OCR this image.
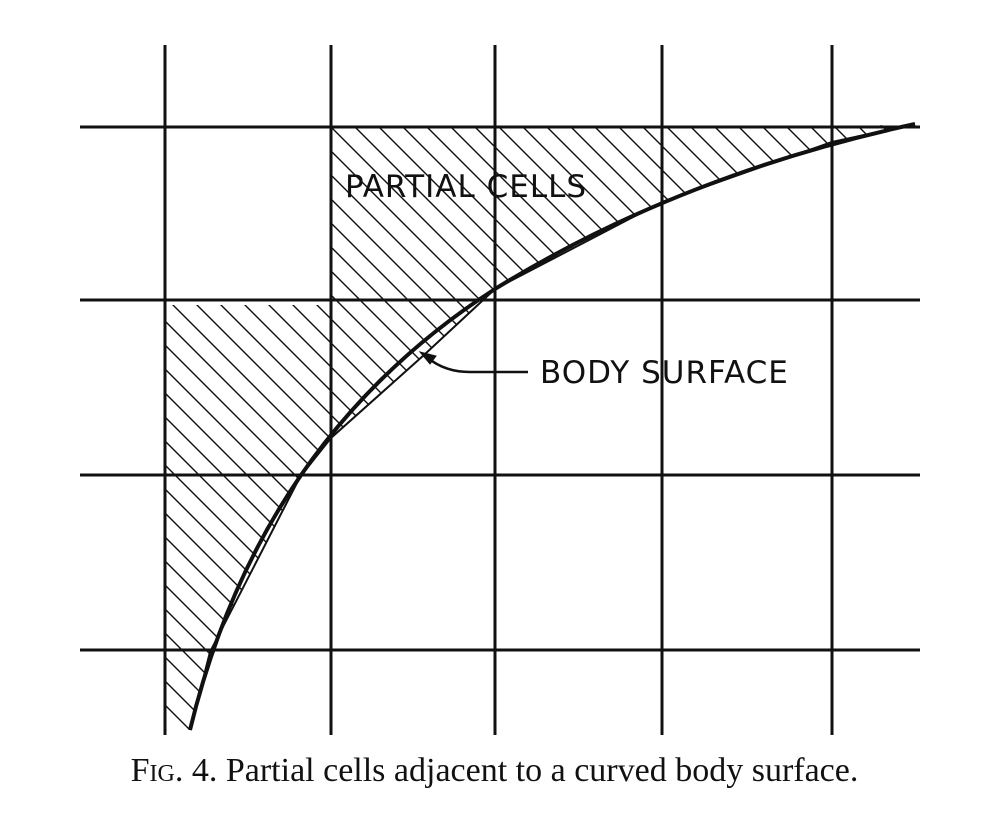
PARTIAL CELLS
BODY SURFACE
Fig. 4. Partial cells adjacent to a curved body surface.
